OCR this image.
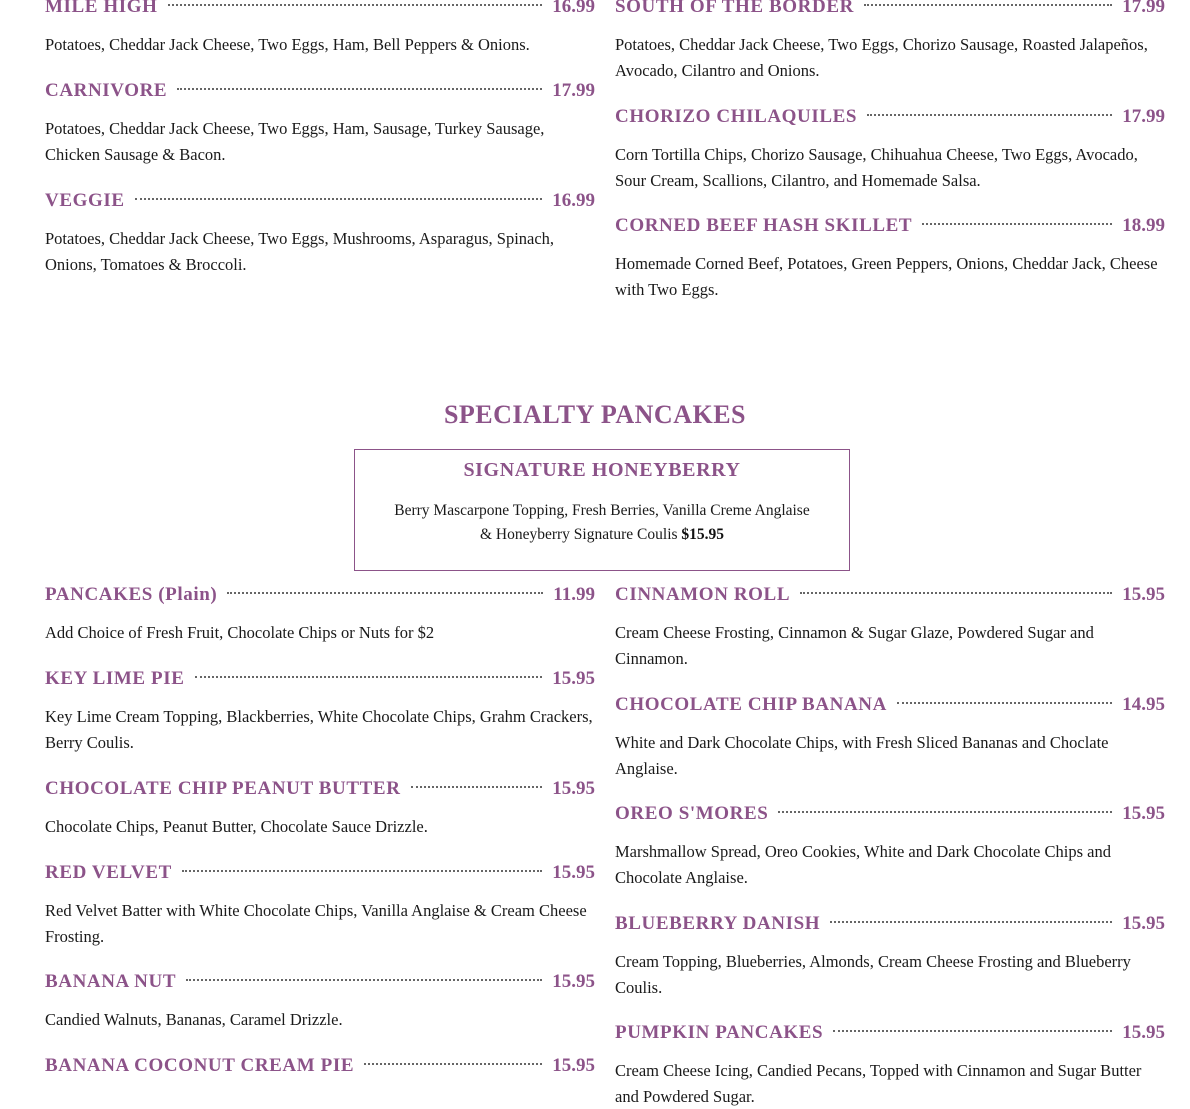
MILE HIGH	16.99

Potatoes, Cheddar Jack Cheese, Two Eggs, Ham, Bell Peppers & Onions.

CARNIVORE	17.99

Potatoes, Cheddar Jack Cheese, Two Eggs, Ham, Sausage, Turkey Sausage, Chicken Sausage & Bacon.

VEGGIE	16.99

Potatoes, Cheddar Jack Cheese, Two Eggs, Mushrooms, Asparagus, Spinach, Onions, Tomatoes & Broccoli.

SOUTH OF THE BORDER	17.99

Potatoes, Cheddar Jack Cheese, Two Eggs, Chorizo Sausage, Roasted Jalapeños, Avocado, Cilantro and Onions.

CHORIZO CHILAQUILES	17.99

Corn Tortilla Chips, Chorizo Sausage, Chihuahua Cheese, Two Eggs, Avocado, Sour Cream, Scallions, Cilantro, and Homemade Salsa.

CORNED BEEF HASH SKILLET	18.99

Homemade Corned Beef, Potatoes, Green Peppers, Onions, Cheddar Jack, Cheese with Two Eggs.

SPECIALTY PANCAKES
SIGNATURE HONEYBERRY
Berry Mascarpone Topping, Fresh Berries, Vanilla Creme Anglaise & Honeyberry Signature Coulis $15.95
PANCAKES (Plain)	11.99

Add Choice of Fresh Fruit, Chocolate Chips or Nuts for $2

KEY LIME PIE	15.95

Key Lime Cream Topping, Blackberries, White Chocolate Chips, Grahm Crackers, Berry Coulis.

CHOCOLATE CHIP PEANUT BUTTER	15.95

Chocolate Chips, Peanut Butter, Chocolate Sauce Drizzle.

RED VELVET	15.95

Red Velvet Batter with White Chocolate Chips, Vanilla Anglaise & Cream Cheese Frosting.

BANANA NUT	15.95

Candied Walnuts, Bananas, Caramel Drizzle.

BANANA COCONUT CREAM PIE	15.95
CINNAMON ROLL	15.95

Cream Cheese Frosting, Cinnamon & Sugar Glaze, Powdered Sugar and Cinnamon.

CHOCOLATE CHIP BANANA	14.95

White and Dark Chocolate Chips, with Fresh Sliced Bananas and Choclate Anglaise.

OREO S'MORES	15.95

Marshmallow Spread, Oreo Cookies, White and Dark Chocolate Chips and Chocolate Anglaise.

BLUEBERRY DANISH	15.95

Cream Topping, Blueberries, Almonds, Cream Cheese Frosting and Blueberry Coulis.

PUMPKIN PANCAKES	15.95

Cream Cheese Icing, Candied Pecans, Topped with Cinnamon and Sugar Butter and Powdered Sugar.
